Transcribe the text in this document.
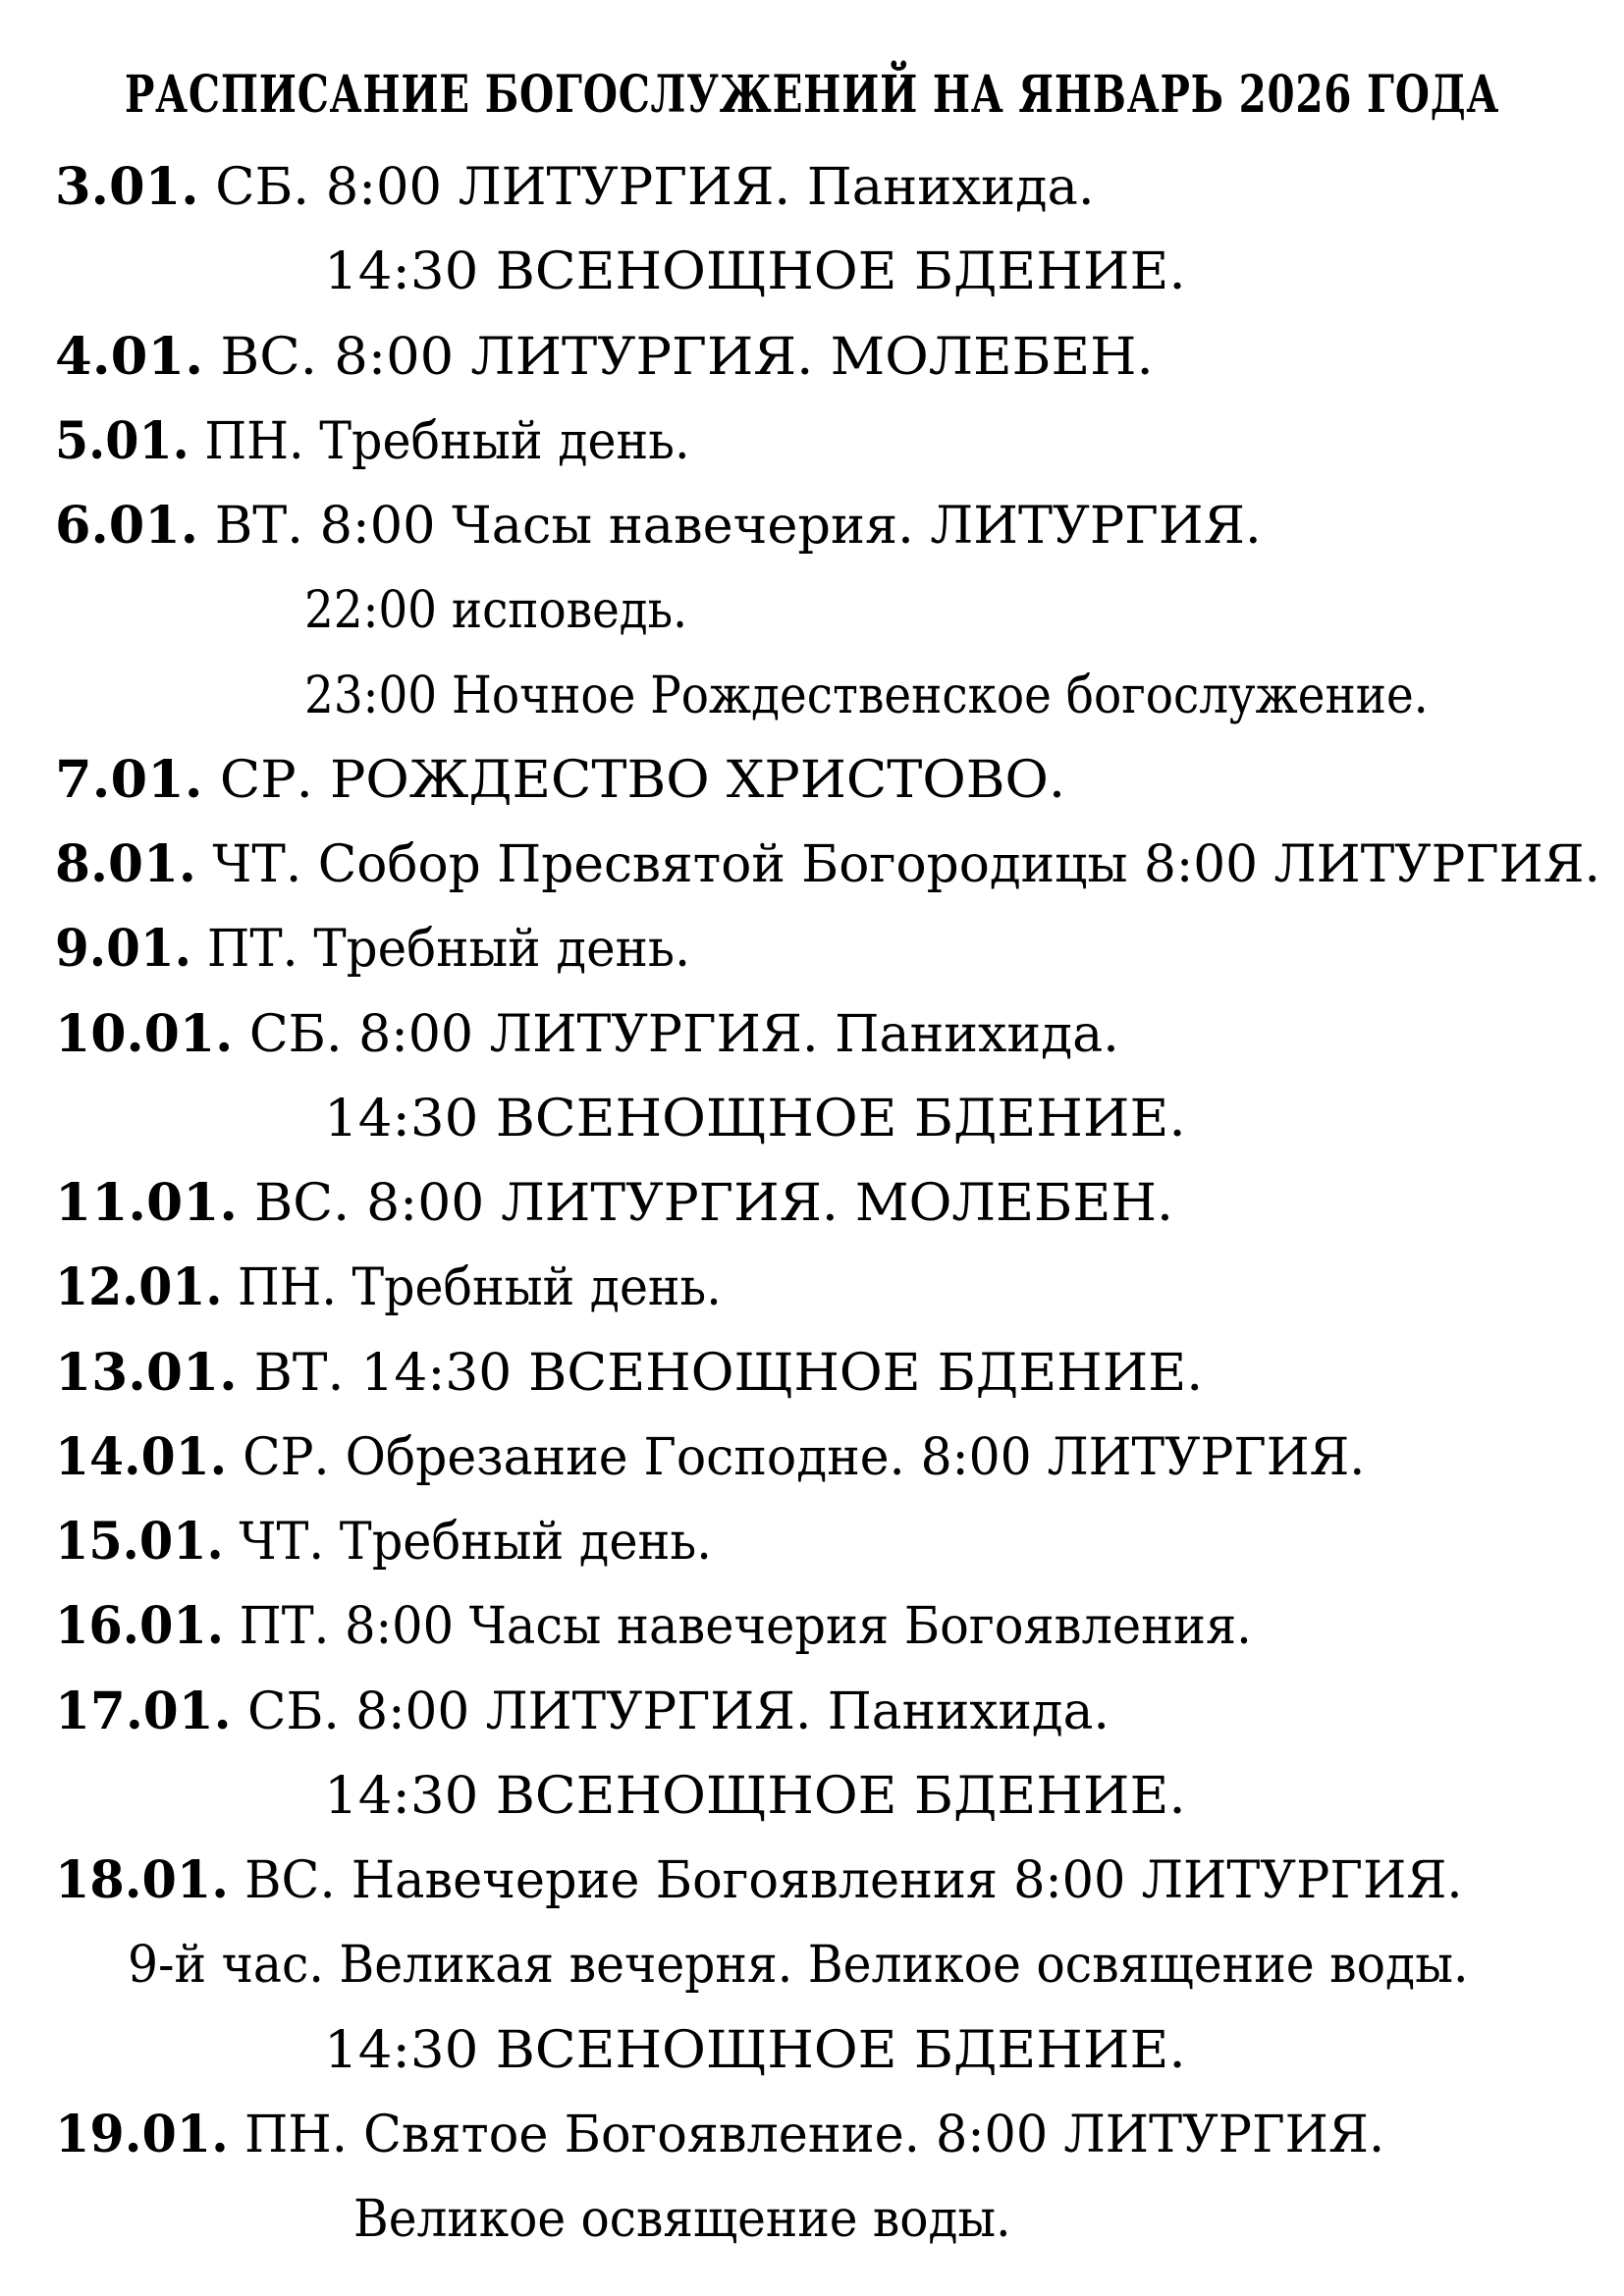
РАСПИСАНИЕ БОГОСЛУЖЕНИЙ НА ЯНВАРЬ 2026 ГОДА
3.01. СБ. 8:00 ЛИТУРГИЯ. Панихида.
14:30 ВСЕНОЩНОЕ БДЕНИЕ.
4.01. ВС. 8:00 ЛИТУРГИЯ. МОЛЕБЕН.
5.01. ПН. Требный день.
6.01. ВТ. 8:00 Часы навечерия. ЛИТУРГИЯ.
22:00 исповедь.
23:00 Ночное Рождественское богослужение.
7.01. СР. РОЖДЕСТВО ХРИСТОВО.
8.01. ЧТ. Собор Пресвятой Богородицы 8:00 ЛИТУРГИЯ.
9.01. ПТ. Требный день.
10.01. СБ. 8:00 ЛИТУРГИЯ. Панихида.
14:30 ВСЕНОЩНОЕ БДЕНИЕ.
11.01. ВС. 8:00 ЛИТУРГИЯ. МОЛЕБЕН.
12.01. ПН. Требный день.
13.01. ВТ. 14:30 ВСЕНОЩНОЕ БДЕНИЕ.
14.01. СР. Обрезание Господне. 8:00 ЛИТУРГИЯ.
15.01. ЧТ. Требный день.
16.01. ПТ. 8:00 Часы навечерия Богоявления.
17.01. СБ. 8:00 ЛИТУРГИЯ. Панихида.
14:30 ВСЕНОЩНОЕ БДЕНИЕ.
18.01. ВС. Навечерие Богоявления 8:00 ЛИТУРГИЯ.
9-й час. Великая вечерня. Великое освящение воды.
14:30 ВСЕНОЩНОЕ БДЕНИЕ.
19.01. ПН. Святое Богоявление. 8:00 ЛИТУРГИЯ.
Великое освящение воды.
